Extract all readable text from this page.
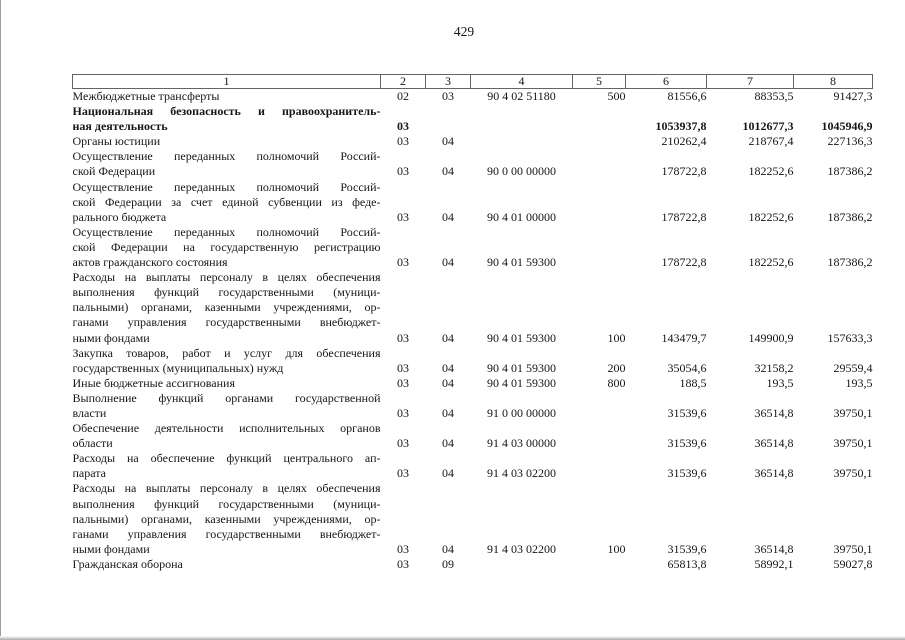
429
1	2	3	4	5	6	7	8

Межбюджетные трансферты	02	03	90 4 02 51180	500	81556,6	88353,5	91427,3

Национальная безопасность и правоохранитель-
ная деятельность	03				1053937,8	1012677,3	1045946,9

Органы юстиции	03	04			210262,4	218767,4	227136,3

Осуществление переданных полномочий Россий-
ской Федерации	03	04	90 0 00 00000		178722,8	182252,6	187386,2

Осуществление переданных полномочий Россий-
ской Федерации за счет единой субвенции из феде-
рального бюджета	03	04	90 4 01 00000		178722,8	182252,6	187386,2

Осуществление переданных полномочий Россий-
ской Федерации на государственную регистрацию
актов гражданского состояния	03	04	90 4 01 59300		178722,8	182252,6	187386,2

Расходы на выплаты персоналу в целях обеспечения
выполнения функций государственными (муници-
пальными) органами, казенными учреждениями, ор-
ганами управления государственными внебюджет-
ными фондами	03	04	90 4 01 59300	100	143479,7	149900,9	157633,3

Закупка товаров, работ и услуг для обеспечения
государственных (муниципальных) нужд	03	04	90 4 01 59300	200	35054,6	32158,2	29559,4

Иные бюджетные ассигнования	03	04	90 4 01 59300	800	188,5	193,5	193,5

Выполнение функций органами государственной
власти	03	04	91 0 00 00000		31539,6	36514,8	39750,1

Обеспечение деятельности исполнительных органов
области	03	04	91 4 03 00000		31539,6	36514,8	39750,1

Расходы на обеспечение функций центрального ап-
парата	03	04	91 4 03 02200		31539,6	36514,8	39750,1

Расходы на выплаты персоналу в целях обеспечения
выполнения функций государственными (муници-
пальными) органами, казенными учреждениями, ор-
ганами управления государственными внебюджет-
ными фондами	03	04	91 4 03 02200	100	31539,6	36514,8	39750,1

Гражданская оборона	03	09			65813,8	58992,1	59027,8
